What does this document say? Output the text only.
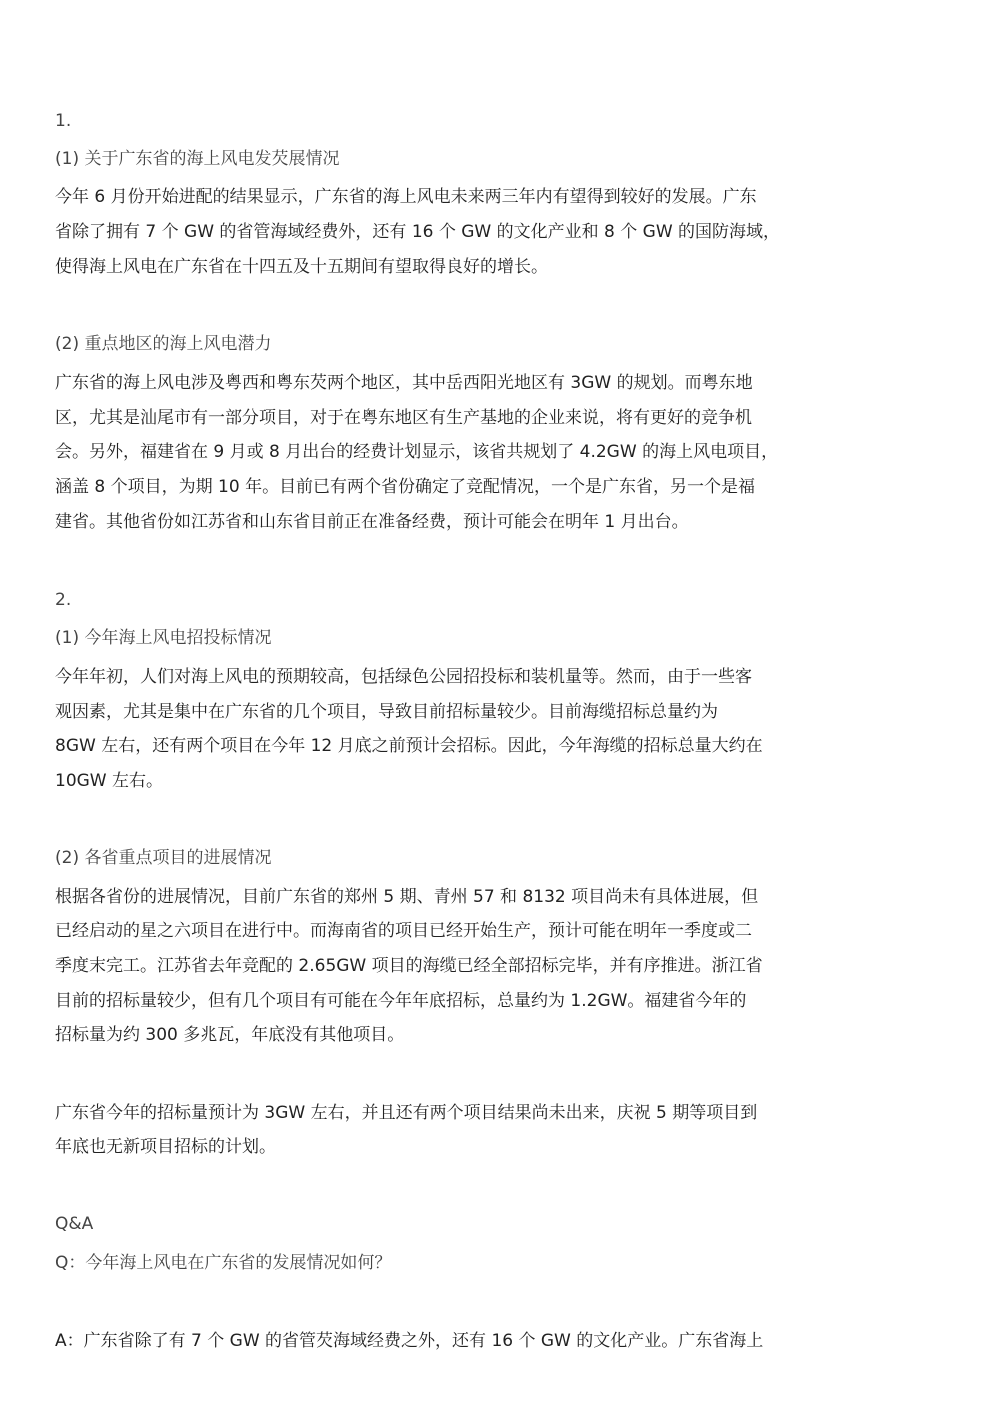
1.

(1) 关于广东省的海上风电发芡展情况

今年 6 月份开始进配的结果显示，广东省的海上风电未来两三年内有望得到较好的发展。广东

省除了拥有 7 个 GW 的省管海域经费外，还有 16 个 GW 的文化产业和 8 个 GW 的国防海域，

使得海上风电在广东省在十四五及十五期间有望取得良好的增长。

(2) 重点地区的海上风电潜力

广东省的海上风电涉及粤西和粤东芡两个地区，其中岳西阳光地区有 3GW 的规划。而粤东地

区，尤其是汕尾市有一部分项目，对于在粤东地区有生产基地的企业来说，将有更好的竞争机

会。另外，福建省在 9 月或 8 月出台的经费计划显示，该省共规划了 4.2GW 的海上风电项目，

涵盖 8 个项目，为期 10 年。目前已有两个省份确定了竞配情况，一个是广东省，另一个是福

建省。其他省份如江苏省和山东省目前正在准备经费，预计可能会在明年 1 月出台。

2.

(1) 今年海上风电招投标情况

今年年初，人们对海上风电的预期较高，包括绿色公园招投标和装机量等。然而，由于一些客

观因素，尤其是集中在广东省的几个项目，导致目前招标量较少。目前海缆招标总量约为

8GW 左右，还有两个项目在今年 12 月底之前预计会招标。因此，今年海缆的招标总量大约在

10GW 左右。

(2) 各省重点项目的进展情况

根据各省份的进展情况，目前广东省的郑州 5 期、青州 57 和 8132 项目尚未有具体进展，但

已经启动的星之六项目在进行中。而海南省的项目已经开始生产，预计可能在明年一季度或二

季度末完工。江苏省去年竞配的 2.65GW 项目的海缆已经全部招标完毕，并有序推进。浙江省

目前的招标量较少，但有几个项目有可能在今年年底招标，总量约为 1.2GW。福建省今年的

招标量为约 300 多兆瓦，年底没有其他项目。

广东省今年的招标量预计为 3GW 左右，并且还有两个项目结果尚未出来，庆祝 5 期等项目到

年底也无新项目招标的计划。

Q&A

Q：今年海上风电在广东省的发展情况如何？

A：广东省除了有 7 个 GW 的省管芡海域经费之外，还有 16 个 GW 的文化产业。广东省海上
